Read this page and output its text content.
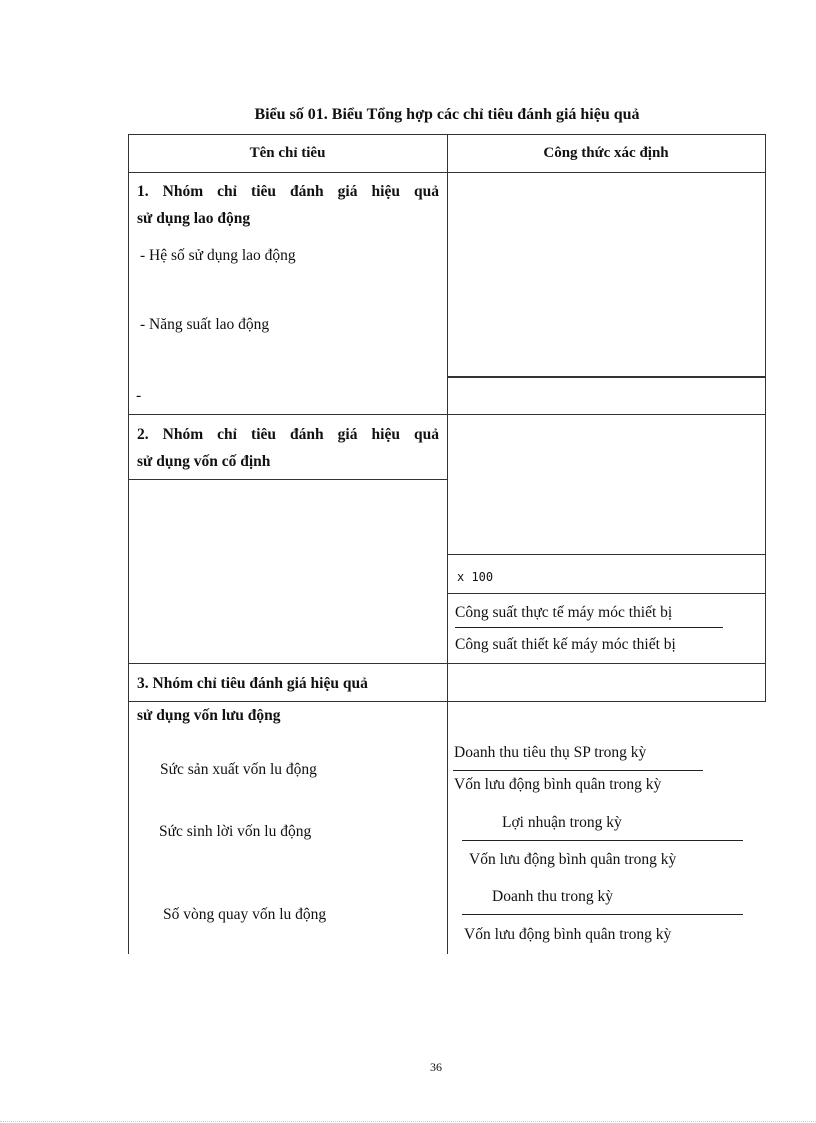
Biểu số 01. Biểu Tổng hợp các chỉ tiêu đánh giá hiệu quả
Tên chỉ tiêu	Công thức xác định
1. Nhóm chỉ tiêu đánh giá hiệu quả
sử dụng lao động
- Hệ số sử dụng lao động
- Năng suất lao động
-
2. Nhóm chỉ tiêu đánh giá hiệu quả
sử dụng vốn cố định
x 100
Công suất thực tế máy móc thiết bị
Công suất thiết kế máy móc thiết bị
3. Nhóm chỉ tiêu đánh giá hiệu quả
sử dụng vốn lưu động
Sức sản xuất vốn lu động
Doanh thu tiêu thụ SP trong kỳ
Vốn lưu động bình quân trong kỳ
Sức sinh lời vốn lu động
Lợi nhuận trong kỳ
Vốn lưu động bình quân trong kỳ
Số vòng quay vốn lu động
Doanh thu trong kỳ
Vốn lưu động bình quân trong kỳ
36
